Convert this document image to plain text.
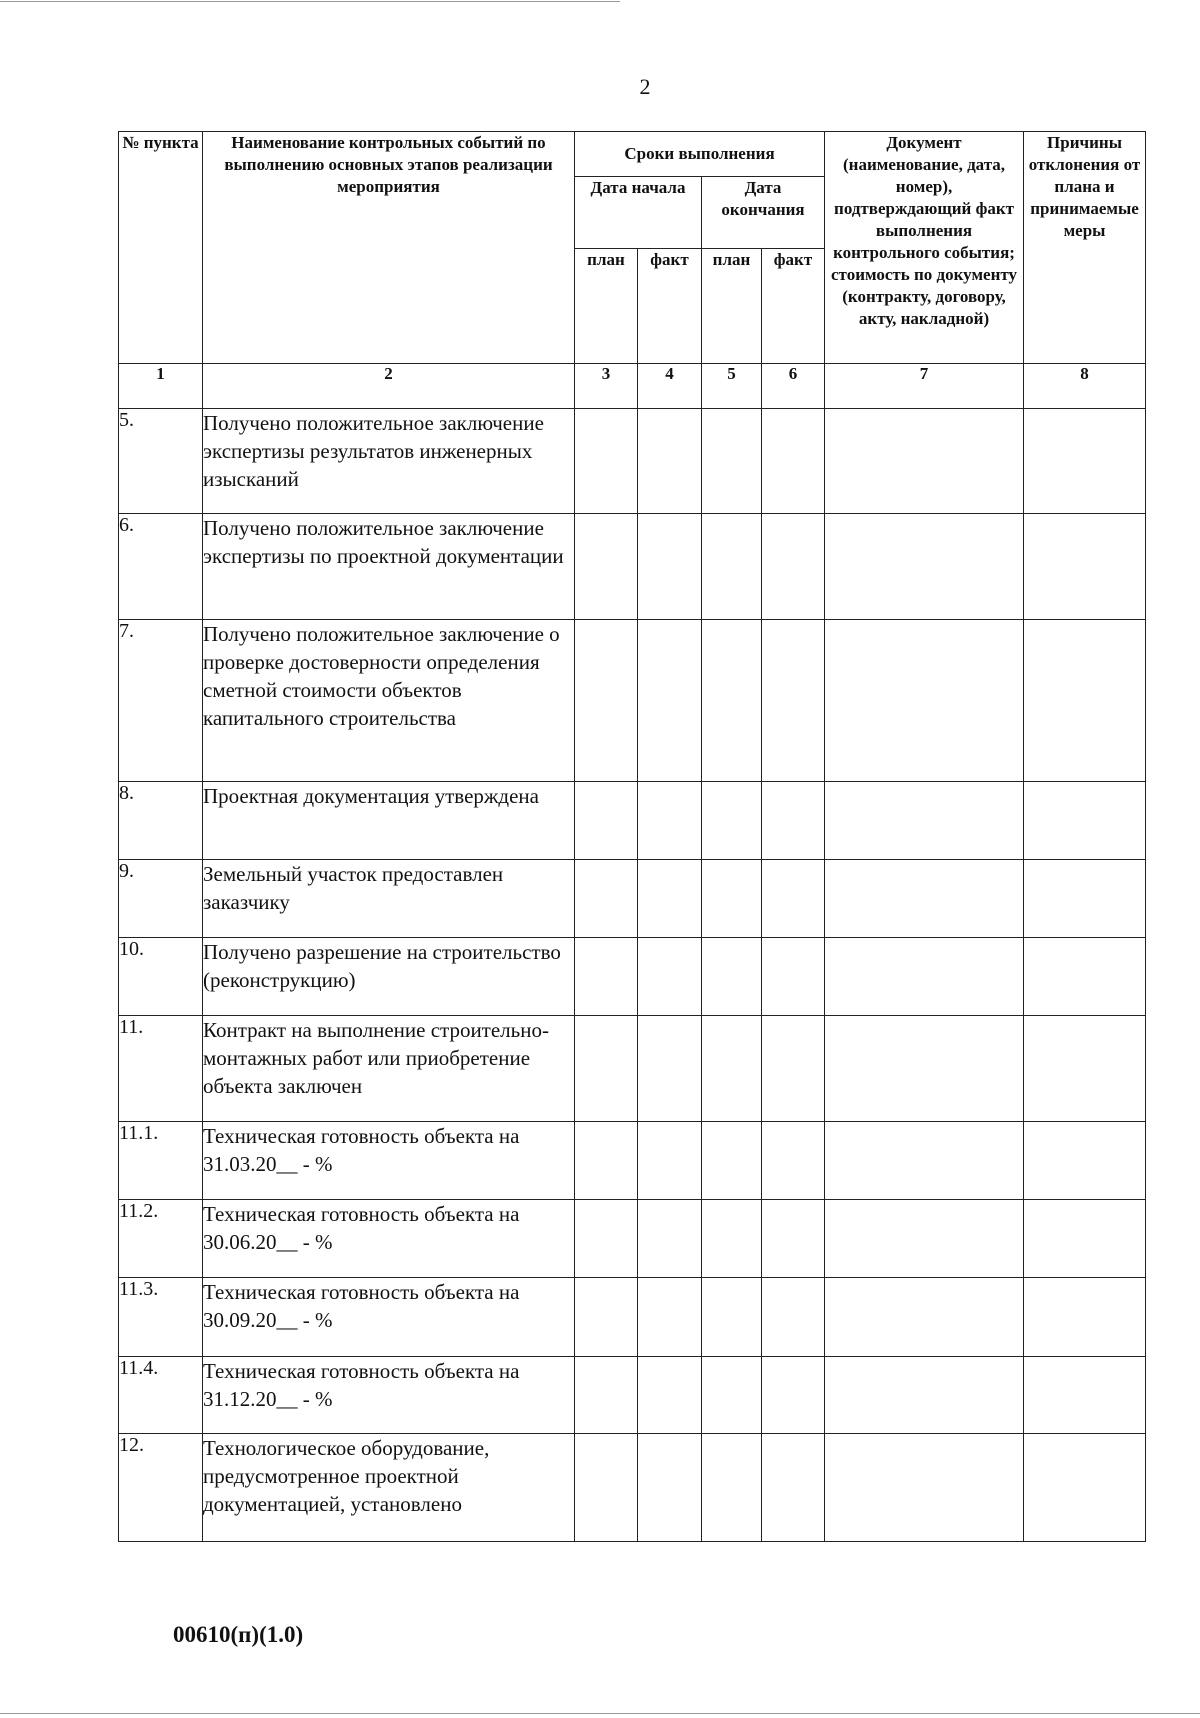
2
№ пункта	Наименование контрольных событий по выполнению основных этапов реализации мероприятия	Сроки выполнения				Документ (наименование, дата, номер), подтверждающий факт выполнения контрольного события; стоимость по документу (контракту, договору, акту, накладной)	Причины отклонения от плана и принимаемые меры
		Дата начала		Дата окончания			
		план	факт	план	факт		
1	2	3	4	5	6	7	8
5.	Получено положительное заключение экспертизы результатов инженерных изысканий						
6.	Получено положительное заключение экспертизы по проектной документации						
7.	Получено положительное заключение о проверке достоверности определения сметной стоимости объектов капитального строительства						
8.	Проектная документация утверждена						
9.	Земельный участок предоставлен заказчику						
10.	Получено разрешение на строительство (реконструкцию)						
11.	Контракт на выполнение строительно-монтажных работ или приобретение объекта заключен						
11.1.	Техническая готовность объекта на 31.03.20__ - %						
11.2.	Техническая готовность объекта на 30.06.20__ - %						
11.3.	Техническая готовность объекта на 30.09.20__ - %						
11.4.	Техническая готовность объекта на 31.12.20__ - %						
12.	Технологическое оборудование, предусмотренное проектной документацией, установлено						
00610(п)(1.0)
